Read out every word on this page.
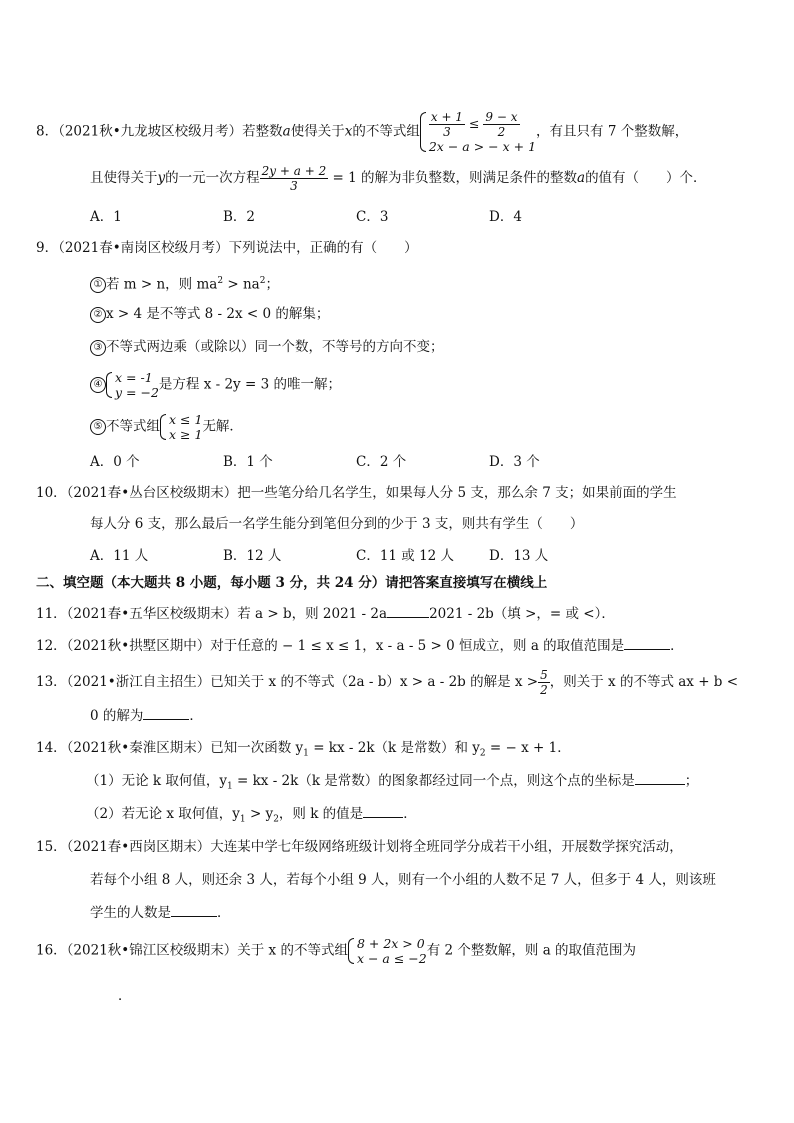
8．（2021秋•九龙坡区校级月考）若整数a使得关于x的不等式组 $\frac{x + 1}{3} \le \frac{9 - x}{2}$
2x − a > − x + 1
，有且只有 7 个整数解，
且使得关于y的一元一次方程 $\frac{2y + a + 2}{3} = 1$ 的解为非负整数，则满足条件的整数a的值有（　　）个．
A．1	B．2	C．3	D．4
9．（2021春•南岗区校级月考）下列说法中，正确的有（　　）
① 若 m > n，则 $ma^2 > na^2$；
② x > 4 是不等式 8 - 2x < 0 的解集；
③ 不等式两边乘（或除以）同一个数，不等号的方向不变；
④ x = -1
y = −2 是方程 x - 2y = 3 的唯一解；
⑤ 不等式组 x ≤ 1
x ≥ 1 无解．
A．0 个	B．1 个	C．2 个	D．3 个
10．（2021春•丛台区校级期末）把一些笔分给几名学生，如果每人分 5 支，那么余 7 支；如果前面的学生
每人分 6 支，那么最后一名学生能分到笔但分到的少于 3 支，则共有学生（　　）
A．11 人	B．12 人	C．11 或 12 人	D．13 人
二、填空题（本大题共 8 小题，每小题 3 分，共 24 分）请把答案直接填写在横线上
11．（2021春•五华区校级期末）若 a > b，则 2021 - 2a	2021 - 2b（填 >，= 或 <）．
12．（2021秋•拱墅区期中）对于任意的 − 1 ≤ x ≤ 1，x - a - 5 > 0 恒成立，则 a 的取值范围是	．
13．（2021•浙江自主招生）已知关于 x 的不等式（2a - b）x > a - 2b 的解是 $x > \frac{5}{2}$ ，则关于 x 的不等式 ax + b <
0 的解为	．
14．（2021秋•秦淮区期末）已知一次函数 $y_1$ = kx - 2k（k 是常数）和 $y_2$ = − x + 1．
（1）无论 k 取何值，$y_1$ = kx - 2k（k 是常数）的图象都经过同一个点，则这个点的坐标是	；
（2）若无论 x 取何值，$y_1 > y_2$，则 k 的值是	．
15．（2021春•西岗区期末）大连某中学七年级网络班级计划将全班同学分成若干小组，开展数学探究活动，
若每个小组 8 人，则还余 3 人，若每个小组 9 人，则有一个小组的人数不足 7 人，但多于 4 人，则该班
学生的人数是	．
16．（2021秋•锦江区校级期末）关于 x 的不等式组 8 + 2x > 0
x − a ≤ −2 有 2 个整数解，则 a 的取值范围为
．
